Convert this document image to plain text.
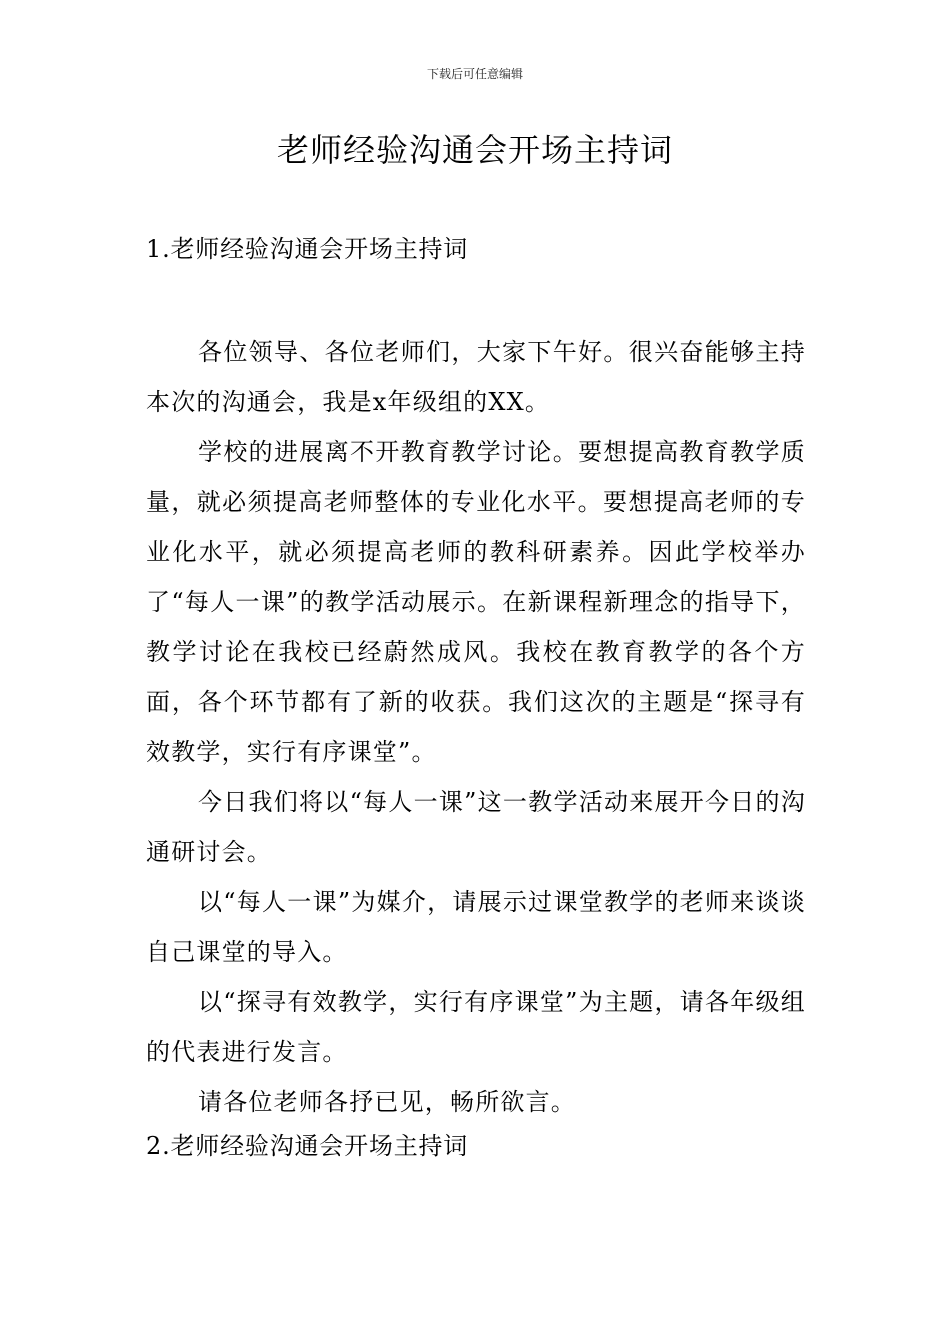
下载后可任意编辑
老师经验沟通会开场主持词
1.老师经验沟通会开场主持词

各位领导、各位老师们，大家下午好。很兴奋能够主持本次的沟通会，我是x年级组的XX。

学校的进展离不开教育教学讨论。要想提高教育教学质量，就必须提高老师整体的专业化水平。要想提高老师的专业化水平，就必须提高老师的教科研素养。因此学校举办了“每人一课”的教学活动展示。在新课程新理念的指导下，教学讨论在我校已经蔚然成风。我校在教育教学的各个方面，各个环节都有了新的收获。我们这次的主题是“探寻有效教学，实行有序课堂”。

今日我们将以“每人一课”这一教学活动来展开今日的沟通研讨会。

以“每人一课”为媒介，请展示过课堂教学的老师来谈谈自己课堂的导入。

以“探寻有效教学，实行有序课堂”为主题，请各年级组的代表进行发言。

请各位老师各抒已见，畅所欲言。

2.老师经验沟通会开场主持词
